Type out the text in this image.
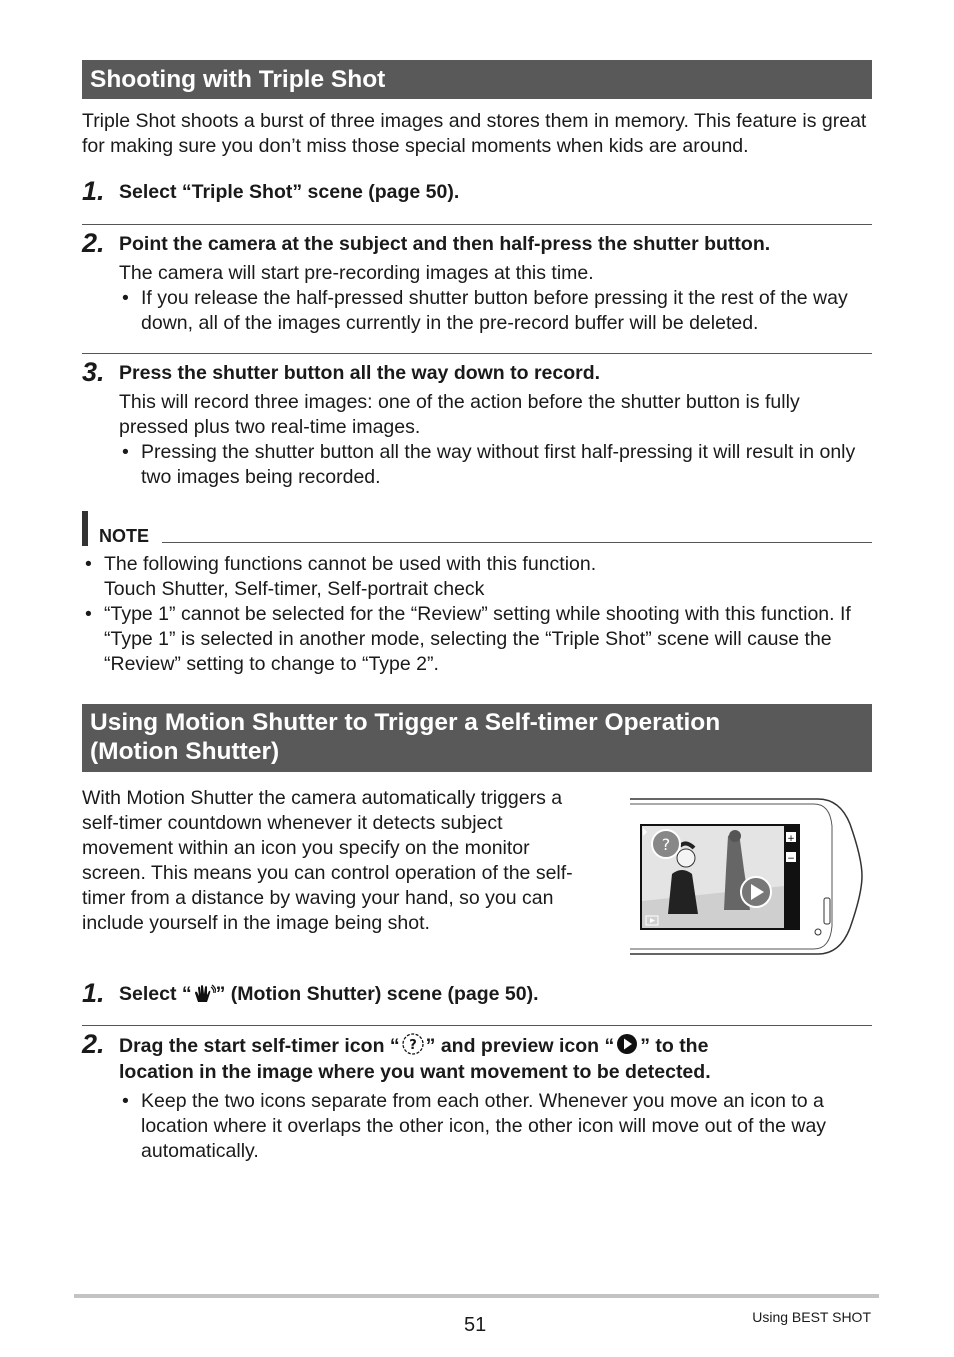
Shooting with Triple Shot
Triple Shot shoots a burst of three images and stores them in memory. This feature is great for making sure you don’t miss those special moments when kids are around.
1. Select “Triple Shot” scene (page 50).
2. Point the camera at the subject and then half-press the shutter button.
The camera will start pre-recording images at this time.
• If you release the half-pressed shutter button before pressing it the rest of the way down, all of the images currently in the pre-record buffer will be deleted.
3. Press the shutter button all the way down to record.
This will record three images: one of the action before the shutter button is fully pressed plus two real-time images.
• Pressing the shutter button all the way without first half-pressing it will result in only two images being recorded.
NOTE
• The following functions cannot be used with this function.
Touch Shutter, Self-timer, Self-portrait check
• “Type 1” cannot be selected for the “Review” setting while shooting with this function. If “Type 1” is selected in another mode, selecting the “Triple Shot” scene will cause the “Review” setting to change to “Type 2”.
Using Motion Shutter to Trigger a Self-timer Operation
(Motion Shutter)
With Motion Shutter the camera automatically triggers a self-timer countdown whenever it detects subject movement within an icon you specify on the monitor screen. This means you can control operation of the self-timer from a distance by waving your hand, so you can include yourself in the image being shot.
?	+
−
1. Select “ ” (Motion Shutter) scene (page 50).
2. Drag the start self-timer icon “ ? ” and preview icon “ ” to the
location in the image where you want movement to be detected.
• Keep the two icons separate from each other. Whenever you move an icon to a location where it overlaps the other icon, the other icon will move out of the way automatically.
51	Using BEST SHOT
